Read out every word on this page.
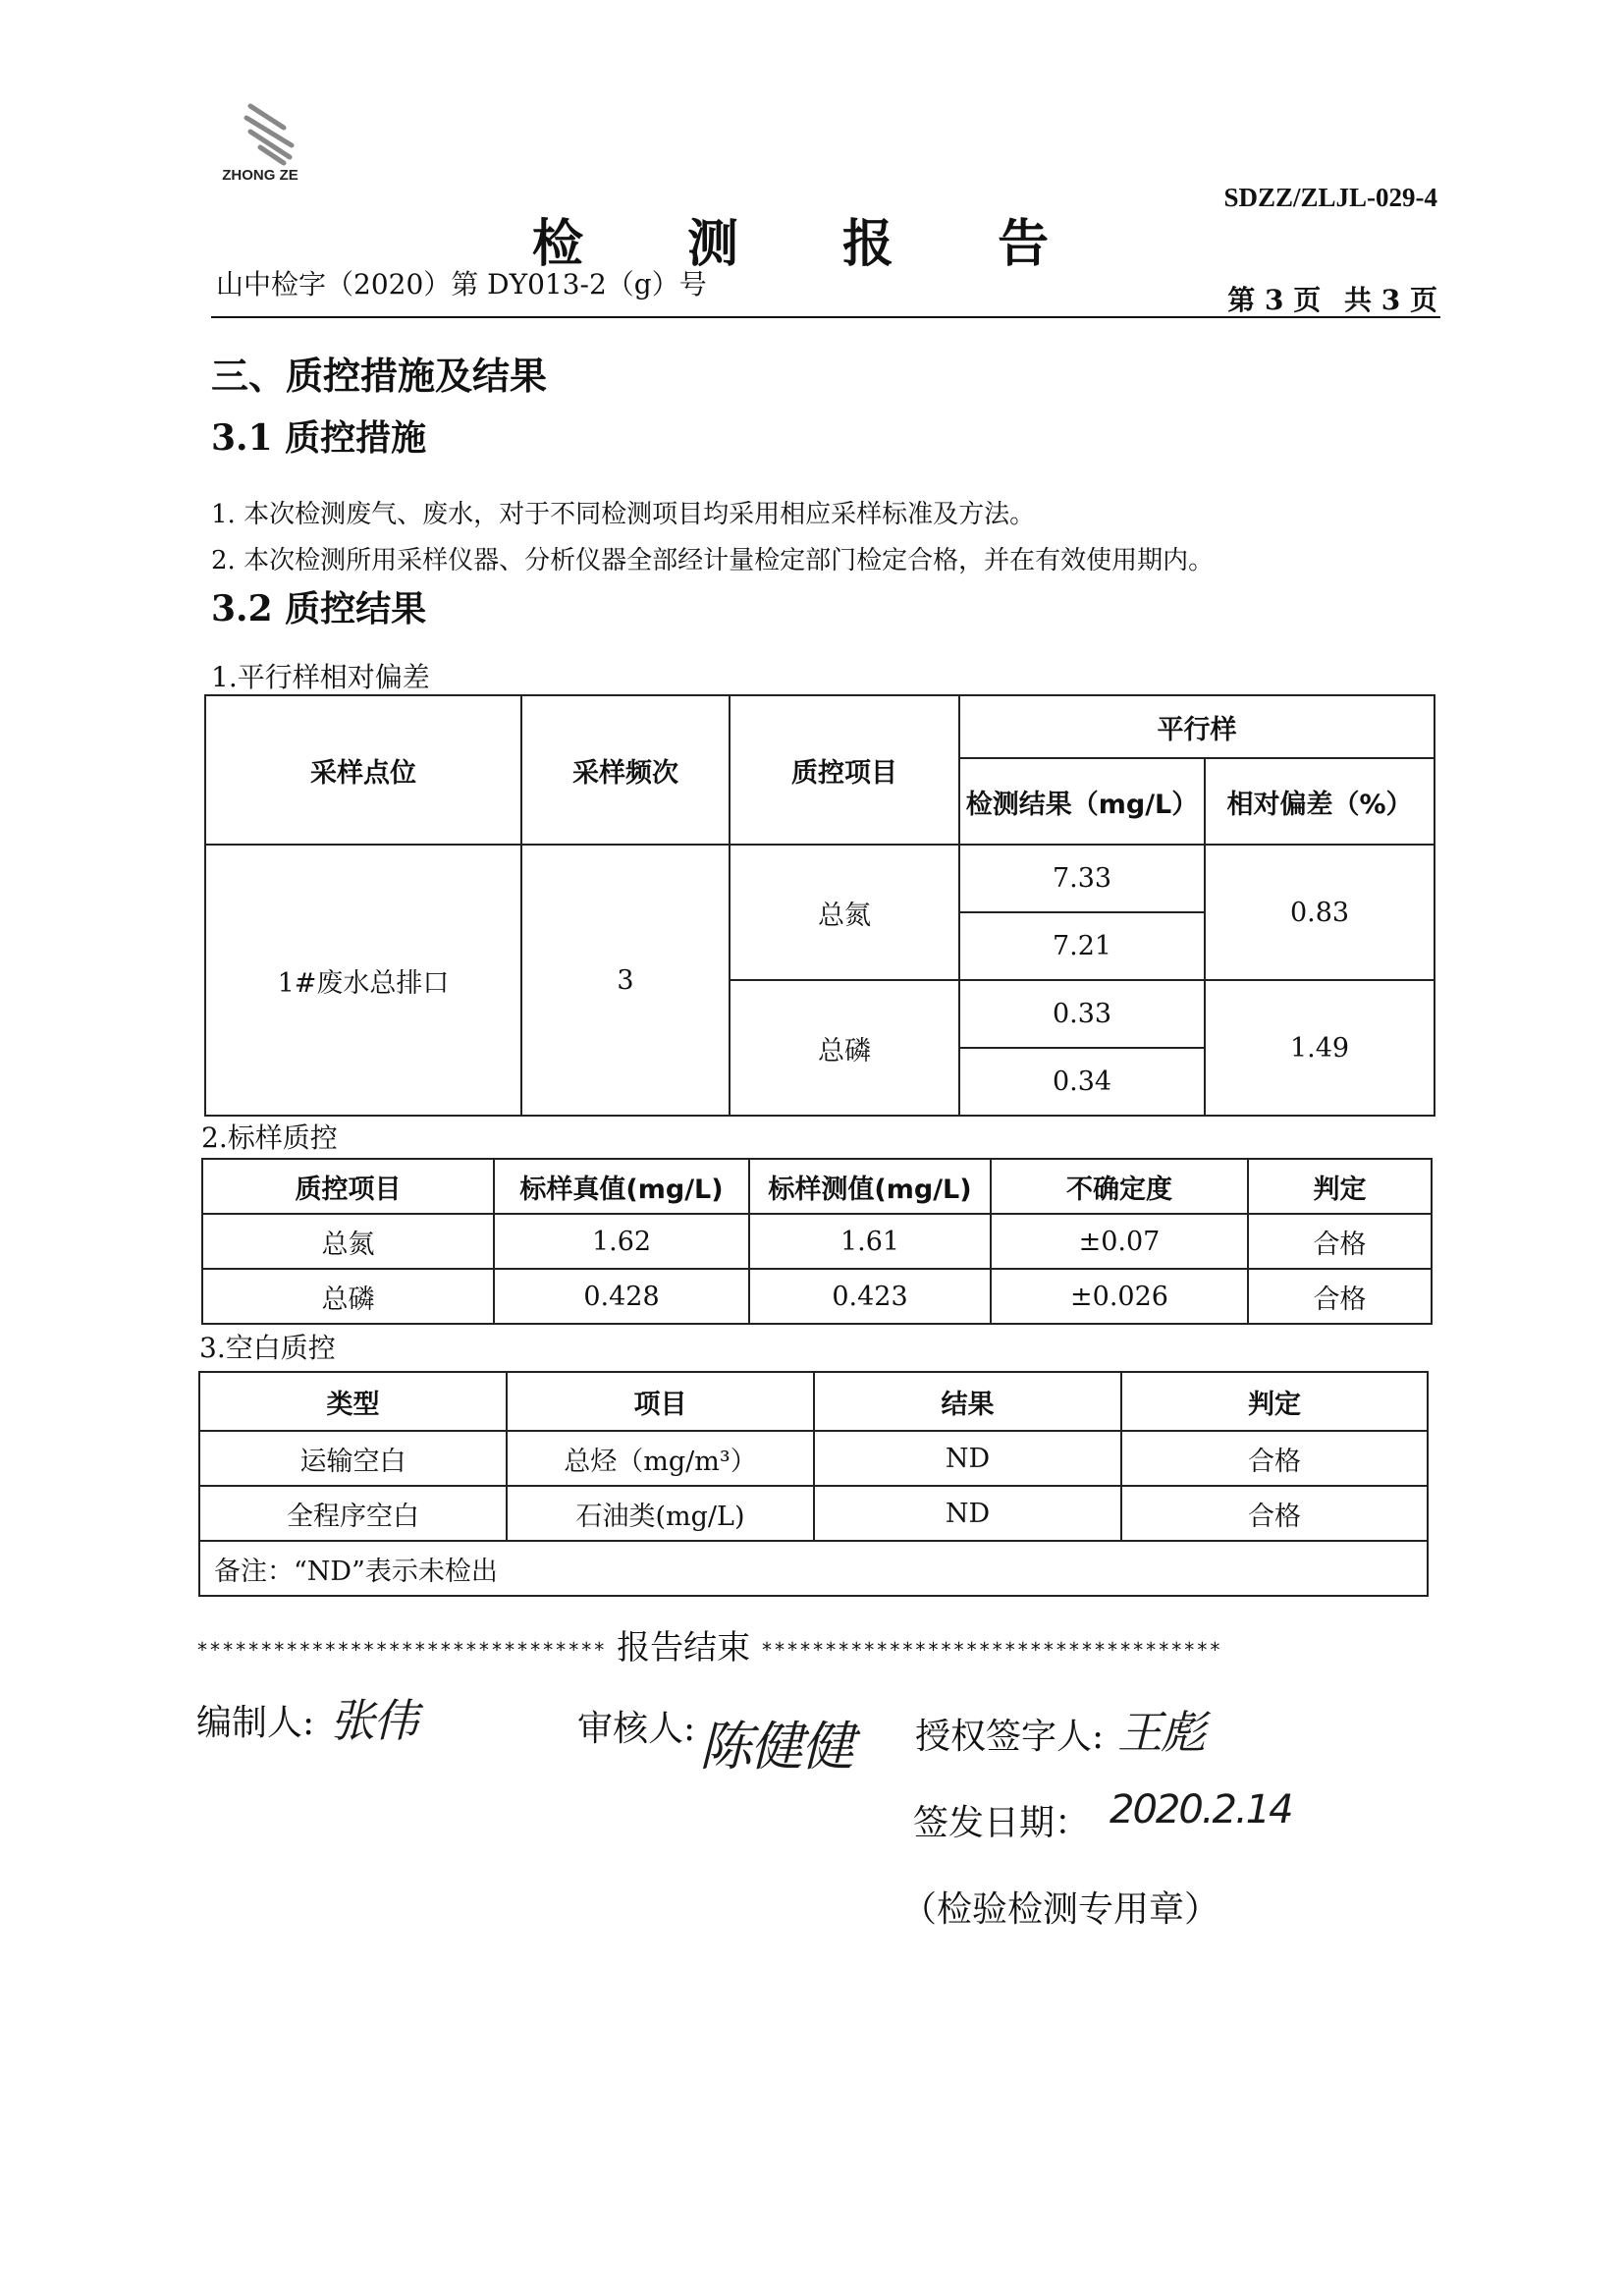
ZHONG ZE
SDZZ/ZLJL-029-4
检 测 报 告
山中检字（2020）第 DY013-2（g）号	第 3 页 共 3 页
三、质控措施及结果
3.1 质控措施
1. 本次检测废气、废水，对于不同检测项目均采用相应采样标准及方法。
2. 本次检测所用采样仪器、分析仪器全部经计量检定部门检定合格，并在有效使用期内。
3.2 质控结果
1.平行样相对偏差
采样点位	采样频次	质控项目	平行样	
			检测结果（mg/L）	相对偏差（%）
1#废水总排口	3	总氮	7.33	0.83
			7.21	
		总磷	0.33	1.49
			0.34	
2.标样质控
质控项目	标样真值(mg/L)	标样测值(mg/L)	不确定度	判定
总氮	1.62	1.61	±0.07	合格
总磷	0.428	0.423	±0.026	合格
3.空白质控
类型	项目	结果	判定
运输空白	总烃（mg/m³）	ND	合格
全程序空白	石油类(mg/L)	ND	合格
备注：“ND”表示未检出			
******************************** 报告结束 ************************************
编制人: 张伟	审核人: 陈健健 授权签字人: 王彪
签发日期： 2020.2.14
（检验检测专用章）
